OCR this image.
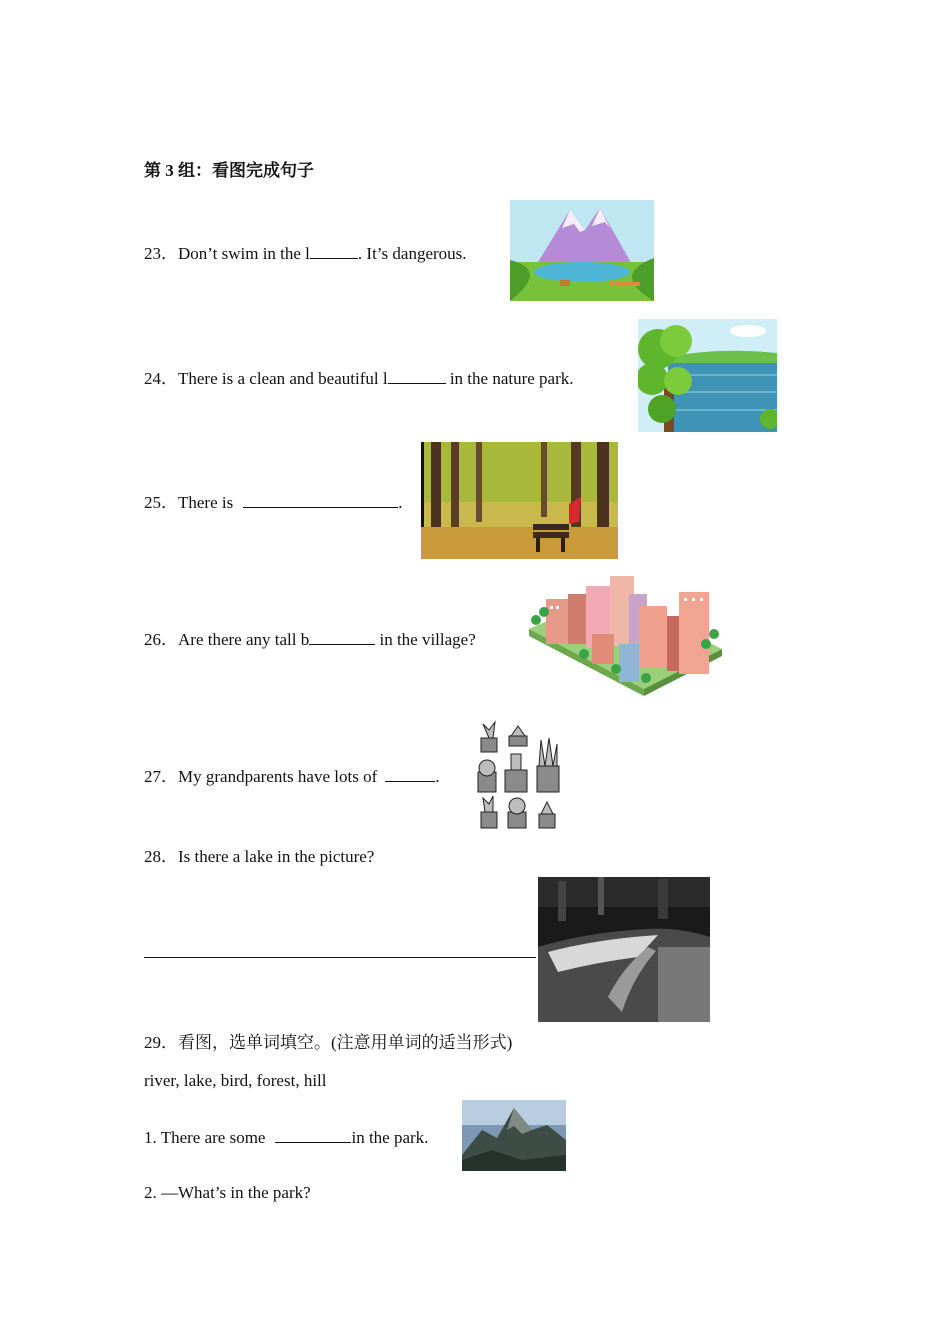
第 3 组：看图完成句子
23．Don’t swim in the l	. It’s dangerous.
24．There is a clean and beautiful l	in the nature park.
25．There is	.
26．Are there any tall b	in the village?
27．My grandparents have lots of	.
28．Is there a lake in the picture?
29．看图，选单词填空。(注意用单词的适当形式)
river, lake, bird, forest, hill
1. There are some	in the park.
2. —What’s in the park?
